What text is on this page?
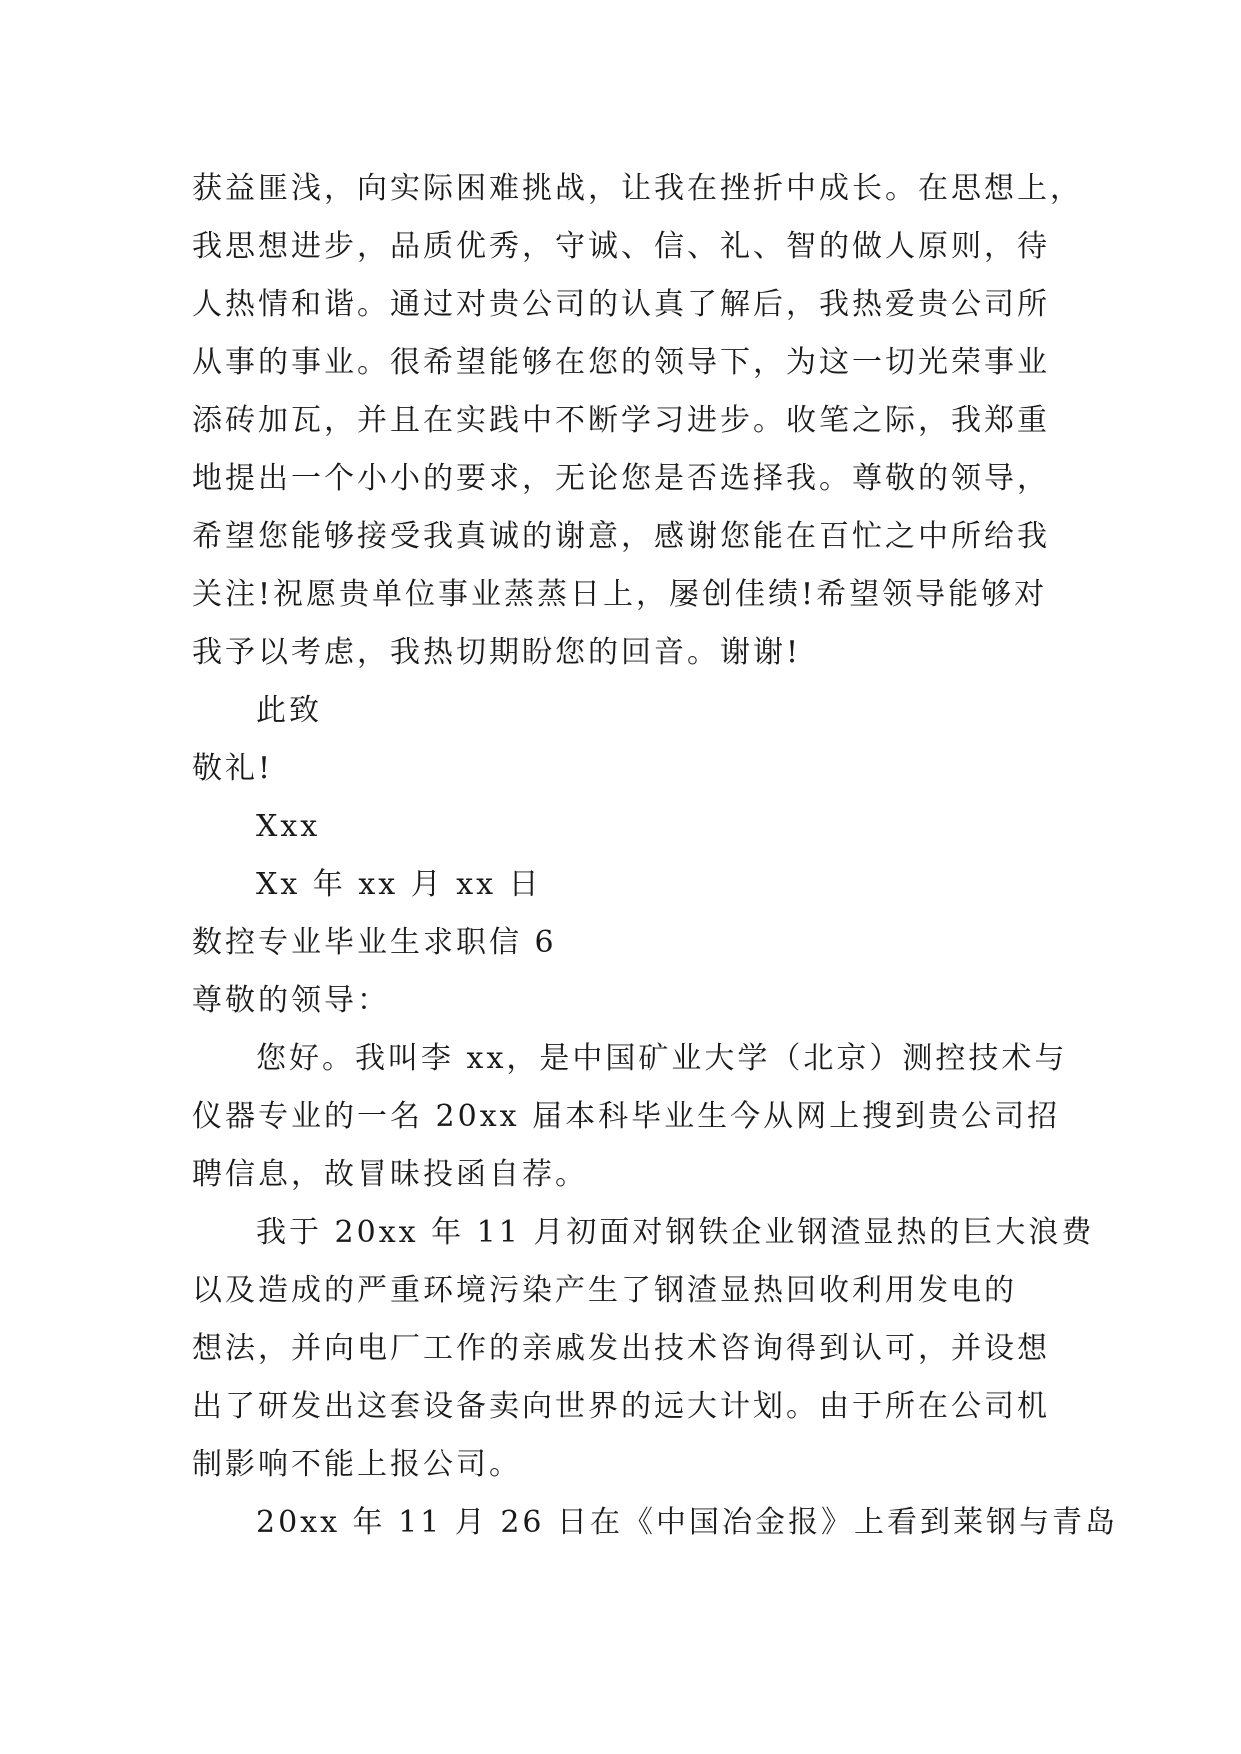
获益匪浅，向实际困难挑战，让我在挫折中成长。在思想上，

我思想进步，品质优秀，守诚、信、礼、智的做人原则，待

人热情和谐。通过对贵公司的认真了解后，我热爱贵公司所

从事的事业。很希望能够在您的领导下，为这一切光荣事业

添砖加瓦，并且在实践中不断学习进步。收笔之际，我郑重

地提出一个小小的要求，无论您是否选择我。尊敬的领导，

希望您能够接受我真诚的谢意，感谢您能在百忙之中所给我

关注!祝愿贵单位事业蒸蒸日上，屡创佳绩!希望领导能够对

我予以考虑，我热切期盼您的回音。谢谢!

此致

敬礼!

Xxx

Xx 年 xx 月 xx 日

数控专业毕业生求职信 6

尊敬的领导：

您好。我叫李 xx，是中国矿业大学（北京）测控技术与

仪器专业的一名 20xx 届本科毕业生今从网上搜到贵公司招

聘信息，故冒昧投函自荐。

我于 20xx 年 11 月初面对钢铁企业钢渣显热的巨大浪费

以及造成的严重环境污染产生了钢渣显热回收利用发电的

想法，并向电厂工作的亲戚发出技术咨询得到认可，并设想

出了研发出这套设备卖向世界的远大计划。由于所在公司机

制影响不能上报公司。

20xx 年 11 月 26 日在《中国冶金报》上看到莱钢与青岛
